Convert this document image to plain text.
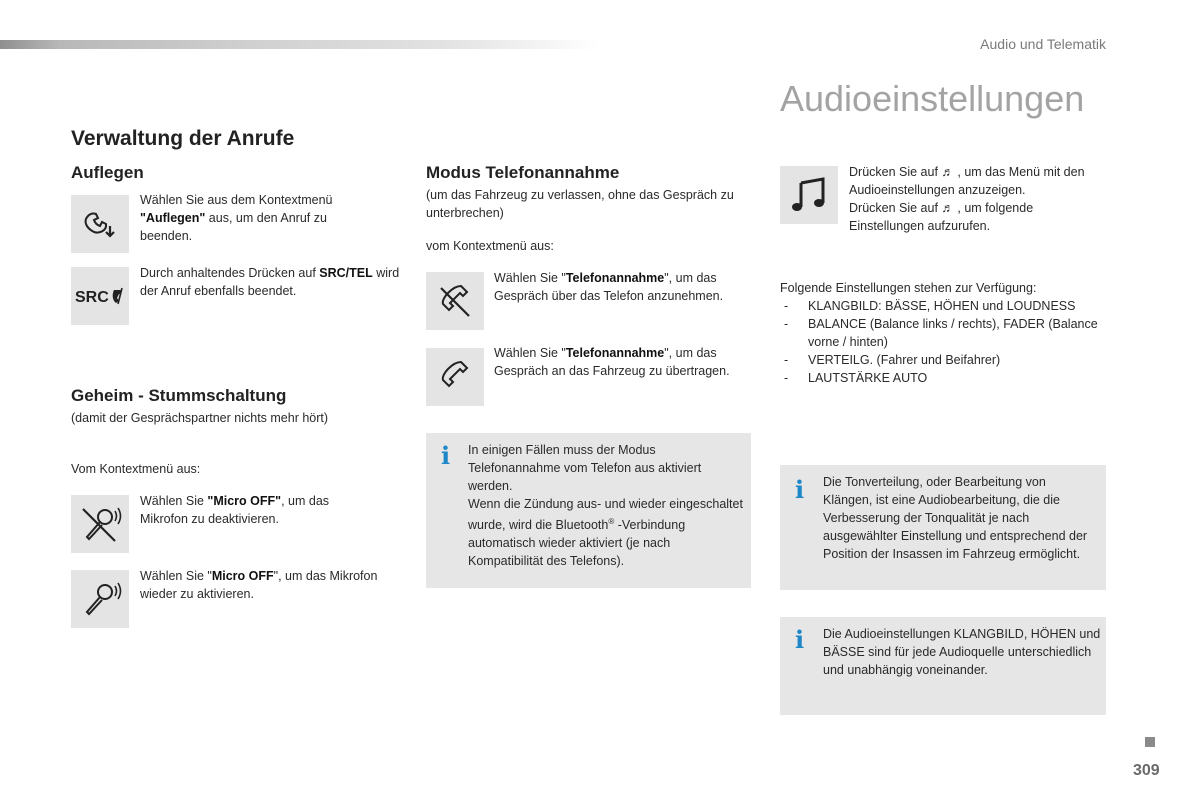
Audio und Telematik
Audioeinstellungen
Verwaltung der Anrufe
Auflegen
Wählen Sie aus dem Kontextmenü "Auflegen" aus, um den Anruf zu beenden.
SRC
Durch anhaltendes Drücken auf SRC/TEL wird der Anruf ebenfalls beendet.
Geheim - Stummschaltung
(damit der Gesprächspartner nichts mehr hört)
Vom Kontextmenü aus:
Wählen Sie "Micro OFF", um das Mikrofon zu deaktivieren.
Wählen Sie "Micro OFF", um das Mikrofon wieder zu aktivieren.
Modus Telefonannahme
(um das Fahrzeug zu verlassen, ohne das Gespräch zu unterbrechen)
vom Kontextmenü aus:
Wählen Sie "Telefonannahme", um das Gespräch über das Telefon anzunehmen.
Wählen Sie "Telefonannahme", um das Gespräch an das Fahrzeug zu übertragen.
i In einigen Fällen muss der Modus Telefonannahme vom Telefon aus aktiviert werden.
Wenn die Zündung aus- und wieder eingeschaltet wurde, wird die Bluetooth® -Verbindung automatisch wieder aktiviert (je nach Kompatibilität des Telefons).
Drücken Sie auf ♬ , um das Menü mit den Audioeinstellungen anzuzeigen.
Drücken Sie auf ♬ , um folgende Einstellungen aufzurufen.
Folgende Einstellungen stehen zur Verfügung:
- KLANGBILD: BÄSSE, HÖHEN und LOUDNESS
- BALANCE (Balance links / rechts), FADER (Balance vorne / hinten)
- VERTEILG. (Fahrer und Beifahrer)
- LAUTSTÄRKE AUTO
i Die Tonverteilung, oder Bearbeitung von Klängen, ist eine Audiobearbeitung, die die Verbesserung der Tonqualität je nach ausgewählter Einstellung und entsprechend der Position der Insassen im Fahrzeug ermöglicht.
i Die Audioeinstellungen KLANGBILD, HÖHEN und BÄSSE sind für jede Audioquelle unterschiedlich und unabhängig voneinander.
309
